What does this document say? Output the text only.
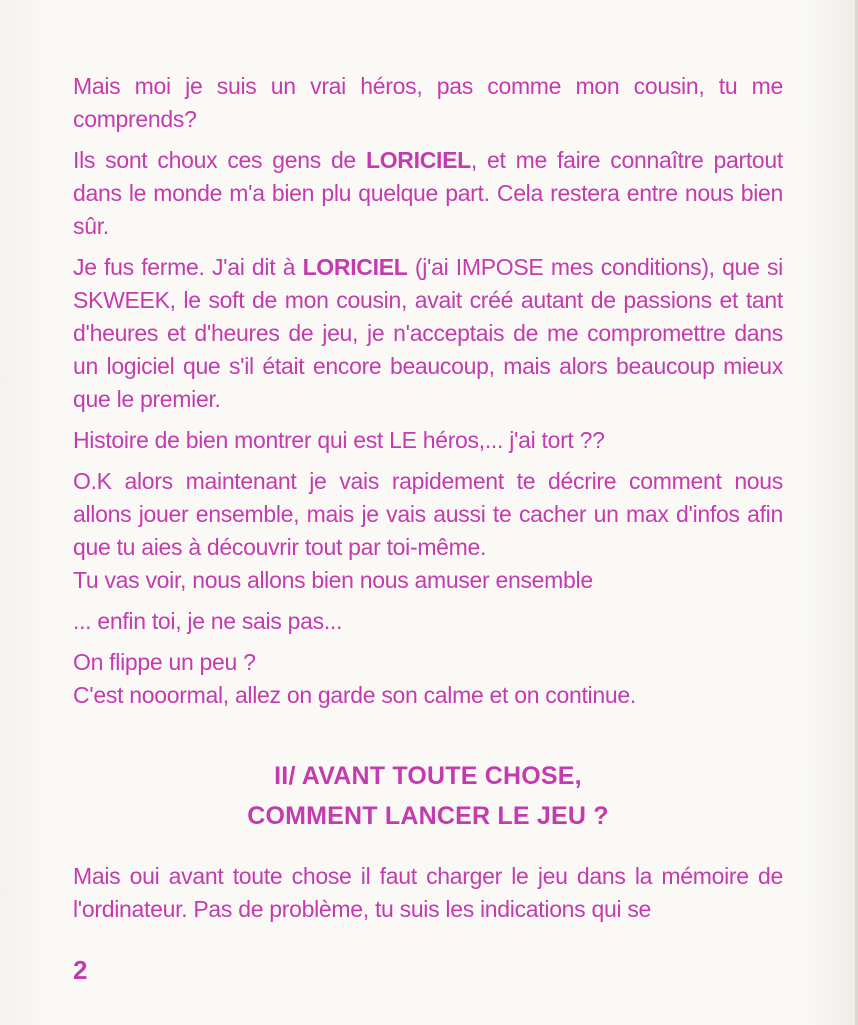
Mais moi je suis un vrai héros, pas comme mon cousin, tu me comprends?

Ils sont choux ces gens de LORICIEL, et me faire connaître partout dans le monde m'a bien plu quelque part. Cela restera entre nous bien sûr.

Je fus ferme. J'ai dit à LORICIEL (j'ai IMPOSE mes conditions), que si SKWEEK, le soft de mon cousin, avait créé autant de passions et tant d'heures et d'heures de jeu, je n'acceptais de me compromettre dans un logiciel que s'il était encore beaucoup, mais alors beaucoup mieux que le premier.

Histoire de bien montrer qui est LE héros,... j'ai tort ??

O.K alors maintenant je vais rapidement te décrire comment nous allons jouer ensemble, mais je vais aussi te cacher un max d'infos afin que tu aies à découvrir tout par toi-même.

Tu vas voir, nous allons bien nous amuser ensemble

... enfin toi, je ne sais pas...

On flippe un peu ?

C'est nooormal, allez on garde son calme et on continue.

II/ AVANT TOUTE CHOSE,
COMMENT LANCER LE JEU ?

Mais oui avant toute chose il faut charger le jeu dans la mémoire de l'ordinateur. Pas de problème, tu suis les indications qui se

2
